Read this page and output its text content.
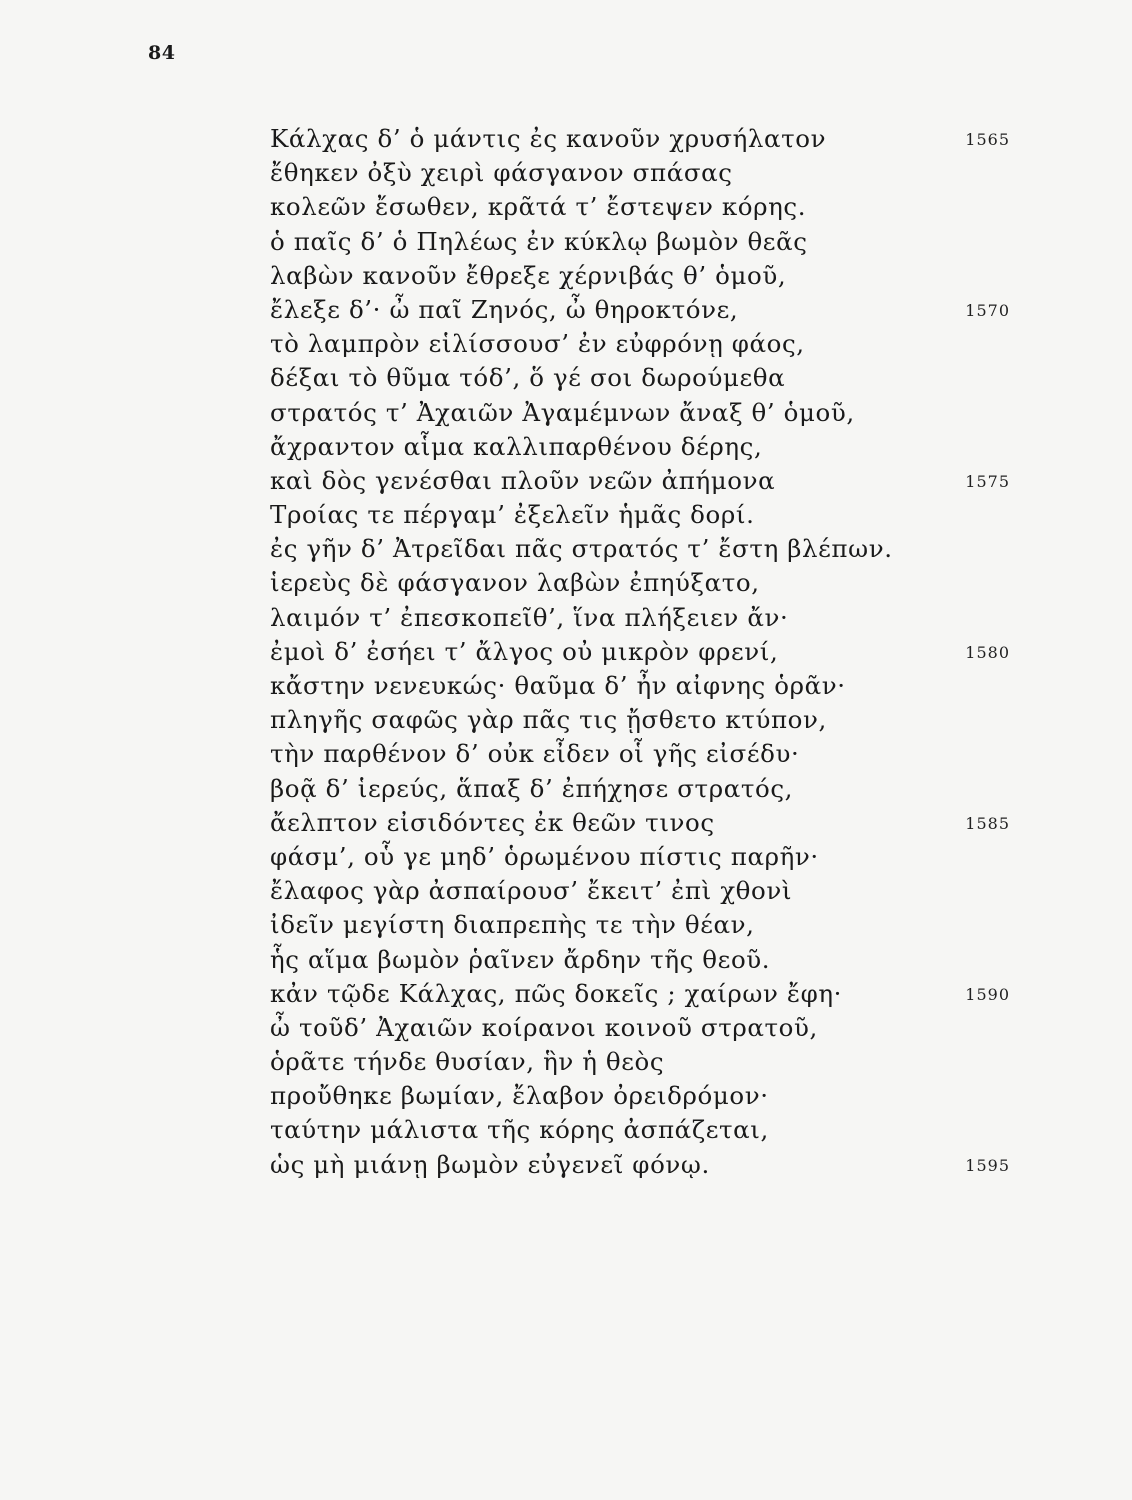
84
Κάλχας δ’ ὁ μάντις ἐς κανοῦν χρυσήλατον	1565
ἔθηκεν ὀξὺ χειρὶ φάσγανον σπάσας
κολεῶν ἔσωθεν, κρᾶτά τ’ ἔστεψεν κόρης.
ὁ παῖς δ’ ὁ Πηλέως ἐν κύκλῳ βωμὸν θεᾶς
λαβὼν κανοῦν ἔθρεξε χέρνιβάς θ’ ὁμοῦ,
ἔλεξε δ’· ὦ παῖ Ζηνός, ὦ θηροκτόνε,	1570
τὸ λαμπρὸν εἱλίσσουσ’ ἐν εὐφρόνῃ φάος,
δέξαι τὸ θῦμα τόδ’, ὅ γέ σοι δωρούμεθα
στρατός τ’ Ἀχαιῶν Ἀγαμέμνων ἄναξ θ’ ὁμοῦ,
ἄχραντον αἷμα καλλιπαρθένου δέρης,
καὶ δὸς γενέσθαι πλοῦν νεῶν ἀπήμονα	1575
Τροίας τε πέργαμ’ ἐξελεῖν ἡμᾶς δορί.
ἐς γῆν δ’ Ἀτρεῖδαι πᾶς στρατός τ’ ἔστη βλέπων.
ἱερεὺς δὲ φάσγανον λαβὼν ἐπηύξατο,
λαιμόν τ’ ἐπεσκοπεῖθ’, ἵνα πλήξειεν ἄν·
ἐμοὶ δ’ ἐσήει τ’ ἄλγος οὐ μικρὸν φρενί,	1580
κἄστην νενευκώς· θαῦμα δ’ ἦν αἰφνης ὁρᾶν·
πληγῆς σαφῶς γὰρ πᾶς τις ᾔσθετο κτύπον,
τὴν παρθένον δ’ οὐκ εἶδεν οἷ γῆς εἰσέδυ·
βοᾷ δ’ ἱερεύς, ἅπαξ δ’ ἐπήχησε στρατός,
ἄελπτον εἰσιδόντες ἐκ θεῶν τινος	1585
φάσμ’, οὗ γε μηδ’ ὁρωμένου πίστις παρῆν·
ἔλαφος γὰρ ἀσπαίρουσ’ ἔκειτ’ ἐπὶ χθονὶ
ἰδεῖν μεγίστη διαπρεπὴς τε τὴν θέαν,
ἧς αἵμα βωμὸν ῥαῖνεν ἄρδην τῆς θεοῦ.
κἀν τῷδε Κάλχας, πῶς δοκεῖς ; χαίρων ἔφη·	1590
ὦ τοῦδ’ Ἀχαιῶν κοίρανοι κοινοῦ στρατοῦ,
ὁρᾶτε τήνδε θυσίαν, ἣν ἡ θεὸς
προὔθηκε βωμίαν, ἔλαβον ὀρειδρόμον·
ταύτην μάλιστα τῆς κόρης ἀσπάζεται,
ὡς μὴ μιάνῃ βωμὸν εὐγενεῖ φόνῳ.	1595
